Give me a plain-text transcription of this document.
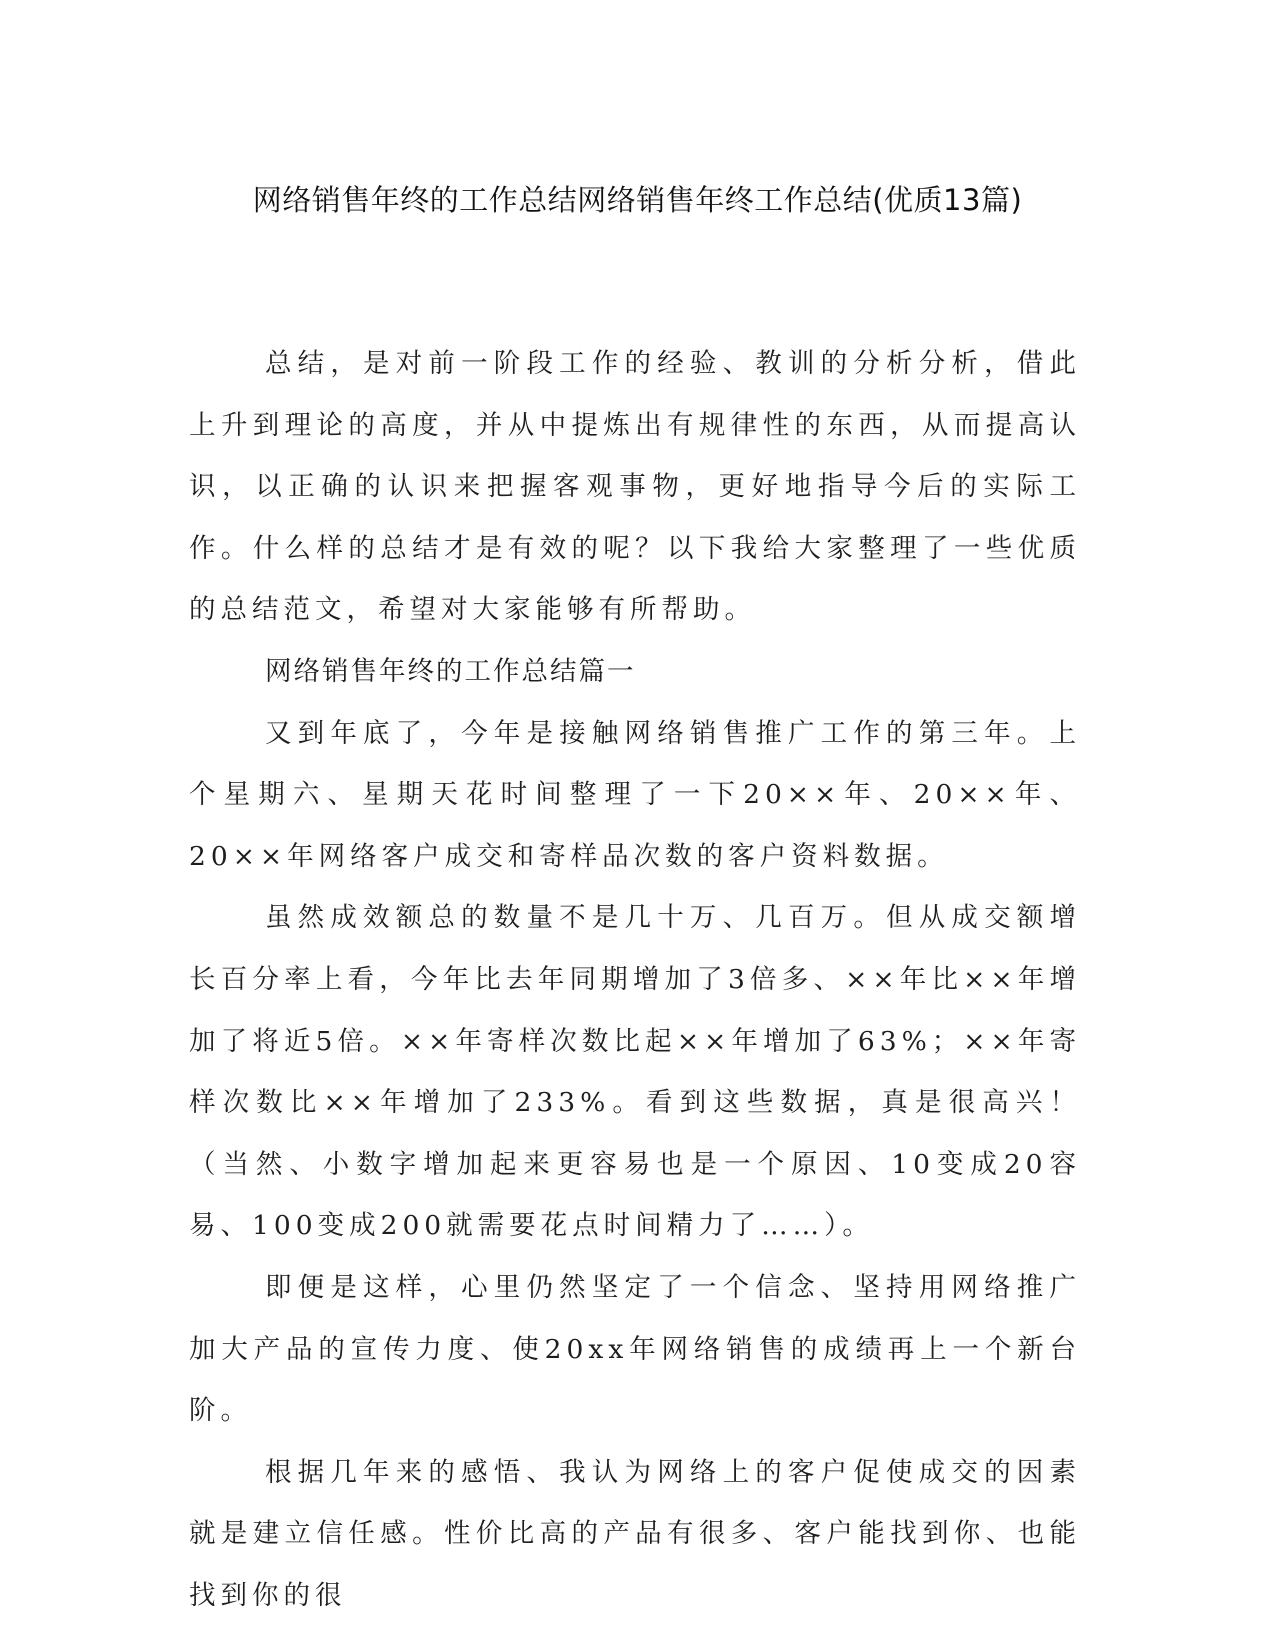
网络销售年终的工作总结网络销售年终工作总结(优质13篇)

总结，是对前一阶段工作的经验、教训的分析分析，借此上升到理论的高度，并从中提炼出有规律性的东西，从而提高认识，以正确的认识来把握客观事物，更好地指导今后的实际工作。什么样的总结才是有效的呢？以下我给大家整理了一些优质的总结范文，希望对大家能够有所帮助。

网络销售年终的工作总结篇一

又到年底了，今年是接触网络销售推广工作的第三年。上个星期六、星期天花时间整理了一下20××年、20××年、20××年网络客户成交和寄样品次数的客户资料数据。

虽然成效额总的数量不是几十万、几百万。但从成交额增长百分率上看，今年比去年同期增加了3倍多、××年比××年增加了将近5倍。××年寄样次数比起××年增加了63%；××年寄样次数比××年增加了233%。看到这些数据，真是很高兴！（当然、小数字增加起来更容易也是一个原因、10变成20容易、100变成200就需要花点时间精力了……）。

即便是这样，心里仍然坚定了一个信念、坚持用网络推广加大产品的宣传力度、使20xx年网络销售的成绩再上一个新台阶。

根据几年来的感悟、我认为网络上的客户促使成交的因素就是建立信任感。性价比高的产品有很多、客户能找到你、也能找到你的很
